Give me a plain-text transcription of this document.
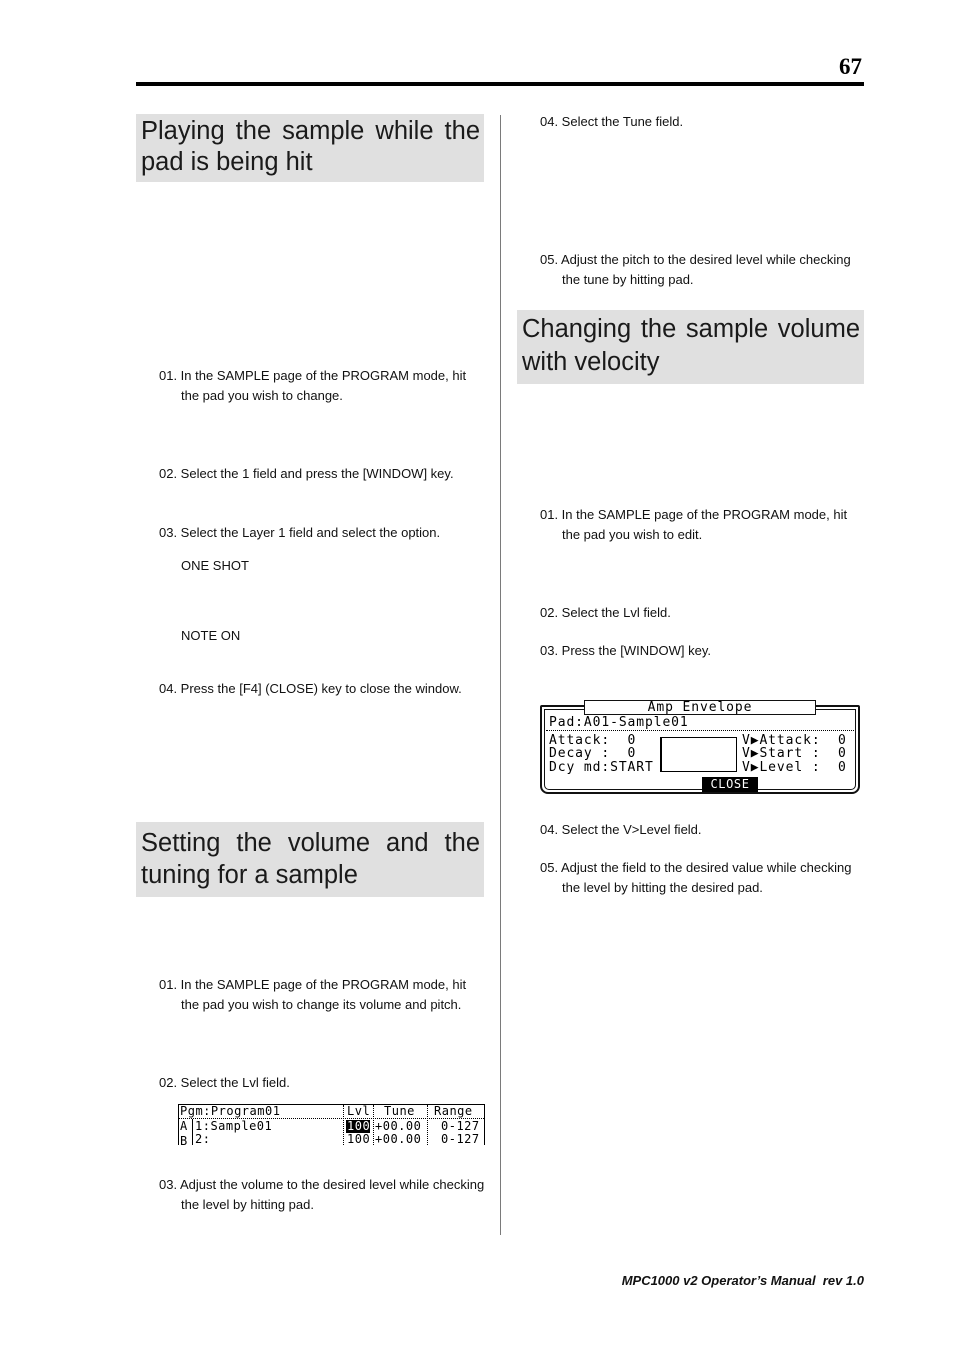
67
Playing the sample while the
pad is being hit
01. In the SAMPLE page of the PROGRAM mode, hit
the pad you wish to change.
02. Select the 1 field and press the [WINDOW] key.
03. Select the Layer 1 field and select the option.
ONE SHOT
NOTE ON
04. Press the [F4] (CLOSE) key to close the window.
Setting the volume and the
tuning for a sample
01. In the SAMPLE page of the PROGRAM mode, hit
the pad you wish to change its volume and pitch.
02. Select the Lvl field.
Pgm:Program01	Lvl Tune Range
A 1:Sample01	100 +00.00 0-127
B 2:	100 +00.00 0-127
03. Adjust the volume to the desired level while checking
the level by hitting pad.
04. Select the Tune field.
05. Adjust the pitch to the desired level while checking
the tune by hitting pad.
Changing the sample volume
with velocity
01. In the SAMPLE page of the PROGRAM mode, hit
the pad you wish to edit.
02. Select the Lvl field.
03. Press the [WINDOW] key.
Amp Envelope
Pad:A01-Sample01
Attack:  0
Decay :  0
Dcy md:START
V▶Attack:  0
V▶Start :  0
V▶Level :  0
CLOSE
04. Select the V>Level field.
05. Adjust the field to the desired value while checking
the level by hitting the desired pad.
MPC1000 v2 Operator’s Manual  rev 1.0
